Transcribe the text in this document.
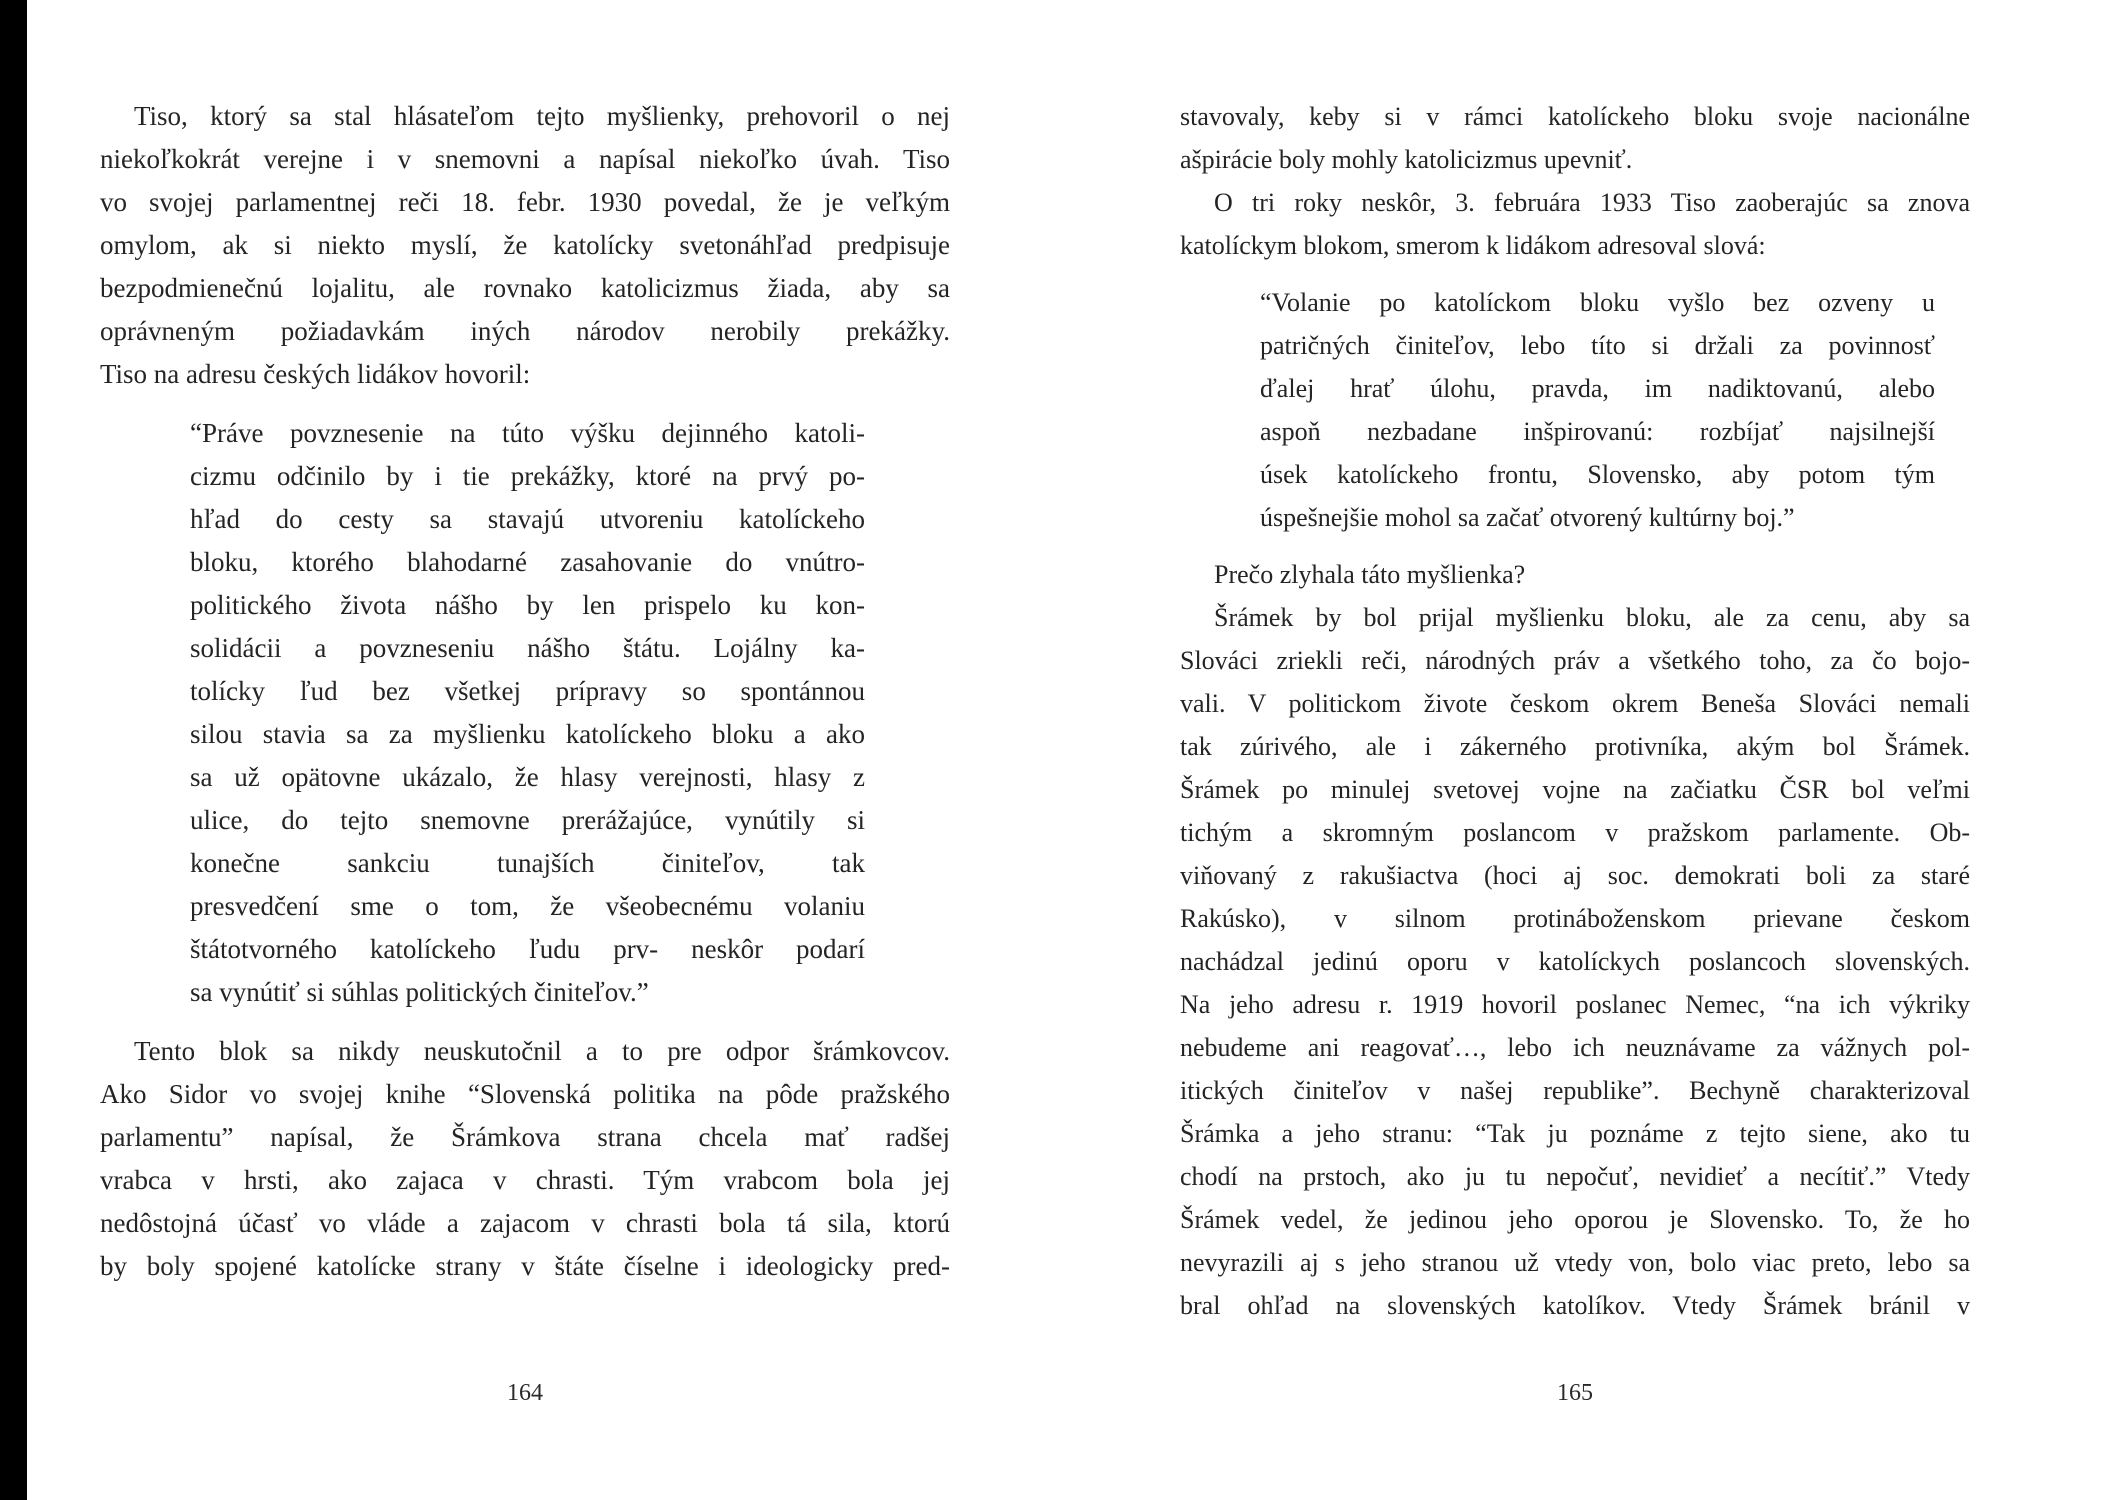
Tiso, ktorý sa stal hlásateľom tejto myšlienky, prehovoril o nej
niekoľkokrát verejne i v snemovni a napísal niekoľko úvah. Tiso
vo svojej parlamentnej reči 18. febr. 1930 povedal, že je veľkým
omylom, ak si niekto myslí, že katolícky svetonáhľad predpisuje
bezpodmienečnú lojalitu, ale rovnako katolicizmus žiada, aby sa
oprávneným požiadavkám iných národov nerobily prekážky.
Tiso na adresu českých lidákov hovoril:
“Práve povznesenie na túto výšku dejinného katoli-
cizmu odčinilo by i tie prekážky, ktoré na prvý po-
hľad do cesty sa stavajú utvoreniu katolíckeho
bloku, ktorého blahodarné zasahovanie do vnútro-
politického života nášho by len prispelo ku kon-
solidácii a povzneseniu nášho štátu. Lojálny ka-
tolícky ľud bez všetkej prípravy so spontánnou
silou stavia sa za myšlienku katolíckeho bloku a ako
sa už opätovne ukázalo, že hlasy verejnosti, hlasy z
ulice, do tejto snemovne prerážajúce, vynútily si
konečne sankciu tunajších činiteľov, tak
presvedčení sme o tom, že všeobecnému volaniu
štátotvorného katolíckeho ľudu prv- neskôr podarí
sa vynútiť si súhlas politických činiteľov.”
Tento blok sa nikdy neuskutočnil a to pre odpor šrámkovcov.
Ako Sidor vo svojej knihe “Slovenská politika na pôde pražského
parlamentu” napísal, že Šrámkova strana chcela mať radšej
vrabca v hrsti, ako zajaca v chrasti. Tým vrabcom bola jej
nedôstojná účasť vo vláde a zajacom v chrasti bola tá sila, ktorú
by boly spojené katolícke strany v štáte číselne i ideologicky pred-
164
stavovaly, keby si v rámci katolíckeho bloku svoje nacionálne
ašpirácie boly mohly katolicizmus upevniť.
O tri roky neskôr, 3. februára 1933 Tiso zaoberajúc sa znova
katolíckym blokom, smerom k lidákom adresoval slová:
“Volanie po katolíckom bloku vyšlo bez ozveny u
patričných činiteľov, lebo títo si držali za povinnosť
ďalej hrať úlohu, pravda, im nadiktovanú, alebo
aspoň nezbadane inšpirovanú: rozbíjať najsilnejší
úsek katolíckeho frontu, Slovensko, aby potom tým
úspešnejšie mohol sa začať otvorený kultúrny boj.”
Prečo zlyhala táto myšlienka?
Šrámek by bol prijal myšlienku bloku, ale za cenu, aby sa
Slováci zriekli reči, národných práv a všetkého toho, za čo bojo-
vali. V politickom živote českom okrem Beneša Slováci nemali
tak zúrivého, ale i zákerného protivníka, akým bol Šrámek.
Šrámek po minulej svetovej vojne na začiatku ČSR bol veľmi
tichým a skromným poslancom v pražskom parlamente. Ob-
viňovaný z rakušiactva (hoci aj soc. demokrati boli za staré
Rakúsko), v silnom protináboženskom prievane českom
nachádzal jedinú oporu v katolíckych poslancoch slovenských.
Na jeho adresu r. 1919 hovoril poslanec Nemec, “na ich výkriky
nebudeme ani reagovať…, lebo ich neuznávame za vážnych pol-
itických činiteľov v našej republike”. Bechyně charakterizoval
Šrámka a jeho stranu: “Tak ju poznáme z tejto siene, ako tu
chodí na prstoch, ako ju tu nepočuť, nevidieť a necítiť.” Vtedy
Šrámek vedel, že jedinou jeho oporou je Slovensko. To, že ho
nevyrazili aj s jeho stranou už vtedy von, bolo viac preto, lebo sa
bral ohľad na slovenských katolíkov. Vtedy Šrámek bránil v
165
